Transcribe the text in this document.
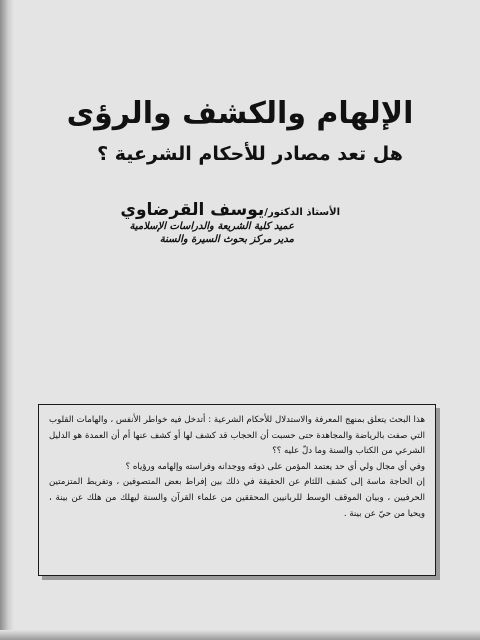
الإلهام والكشف والرؤى
هل تعد مصادر للأحكام الشرعية ؟
الأستاذ الدكتور/يوسف القرضاوي
عميد كلية الشريعة والدراسات الإسلامية
مدير مركز بحوث السيرة والسنة

هذا البحث يتعلق بمنهج المعرفة والاستدلال للأحكام الشرعية : أتدخل فيه خواطر الأنفس ، والهامات القلوب التي صفت بالرياضة والمجاهدة حتى حسبت أن الحجاب قد كشف لها أو كشف عنها أم أن العمدة هو الدليل الشرعي من الكتاب والسنة وما دلّ عليه ؟؟

وفي أي مجال ولي أي حد يعتمد المؤمن على ذوقه ووجدانه وفراسته وإلهامه ورؤياه ؟

إن الحاجة ماسة إلى كشف اللثام عن الحقيقة في ذلك بين إفراط بعض المتصوفين ، وتفريط المتزمتين الحرفيين ، وبيان الموقف الوسط للربانيين المحققين من علماء القرآن والسنة ليهلك من هلك عن بينة ، ويحيا من حيّ عن بينة .
